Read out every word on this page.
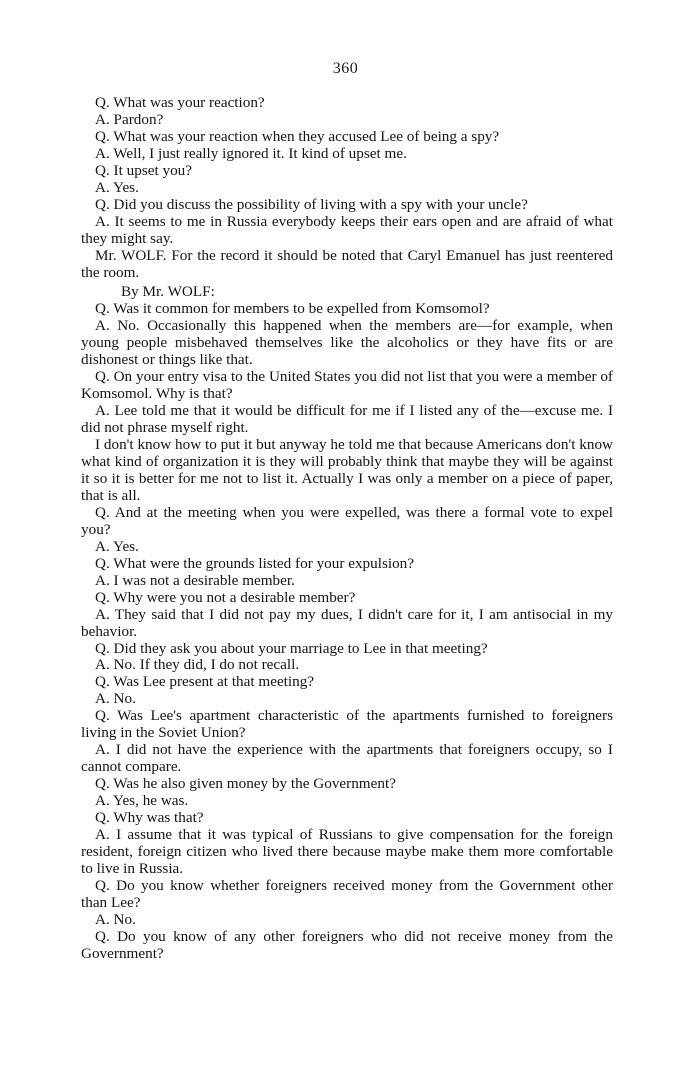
360

Q. What was your reaction?

A. Pardon?

Q. What was your reaction when they accused Lee of being a spy?

A. Well, I just really ignored it. It kind of upset me.

Q. It upset you?

A. Yes.

Q. Did you discuss the possibility of living with a spy with your uncle?

A. It seems to me in Russia everybody keeps their ears open and are afraid of what they might say.

Mr. WOLF. For the record it should be noted that Caryl Emanuel has just reentered the room.

By Mr. WOLF:

Q. Was it common for members to be expelled from Komsomol?

A. No. Occasionally this happened when the members are—for example, when young people misbehaved themselves like the alcoholics or they have fits or are dishonest or things like that.

Q. On your entry visa to the United States you did not list that you were a member of Komsomol. Why is that?

A. Lee told me that it would be difficult for me if I listed any of the—excuse me. I did not phrase myself right.

I don't know how to put it but anyway he told me that because Americans don't know what kind of organization it is they will probably think that maybe they will be against it so it is better for me not to list it. Actually I was only a member on a piece of paper, that is all.

Q. And at the meeting when you were expelled, was there a formal vote to expel you?

A. Yes.

Q. What were the grounds listed for your expulsion?

A. I was not a desirable member.

Q. Why were you not a desirable member?

A. They said that I did not pay my dues, I didn't care for it, I am antisocial in my behavior.

Q. Did they ask you about your marriage to Lee in that meeting?

A. No. If they did, I do not recall.

Q. Was Lee present at that meeting?

A. No.

Q. Was Lee's apartment characteristic of the apartments furnished to foreigners living in the Soviet Union?

A. I did not have the experience with the apartments that foreigners occupy, so I cannot compare.

Q. Was he also given money by the Government?

A. Yes, he was.

Q. Why was that?

A. I assume that it was typical of Russians to give compensation for the foreign resident, foreign citizen who lived there because maybe make them more comfortable to live in Russia.

Q. Do you know whether foreigners received money from the Government other than Lee?

A. No.

Q. Do you know of any other foreigners who did not receive money from the Government?
